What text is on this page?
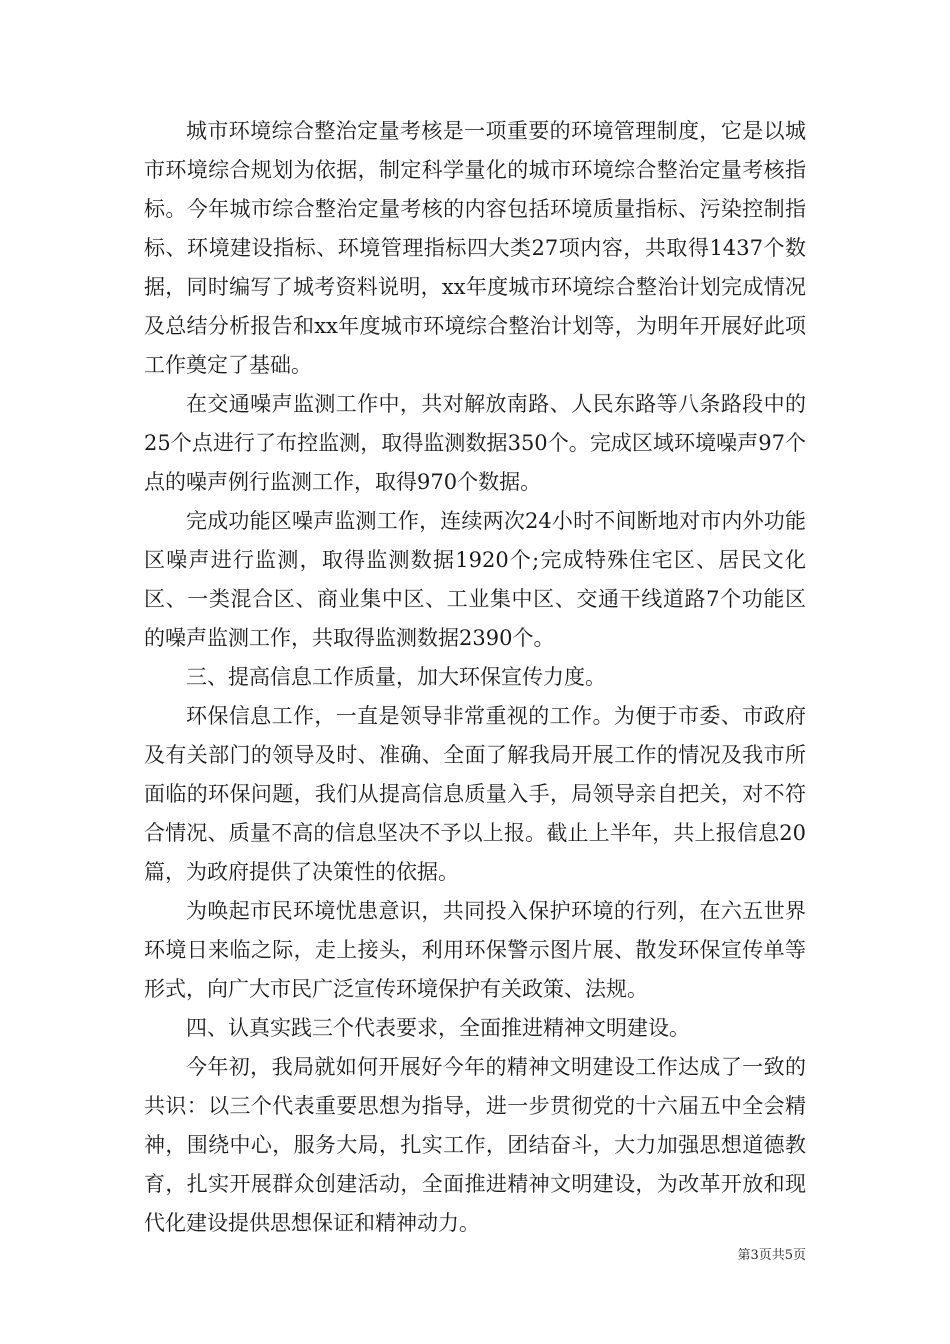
城市环境综合整治定量考核是一项重要的环境管理制度，它是以城市环境综合规划为依据，制定科学量化的城市环境综合整治定量考核指标。今年城市综合整治定量考核的内容包括环境质量指标、污染控制指标、环境建设指标、环境管理指标四大类27项内容，共取得1437个数据，同时编写了城考资料说明，xx年度城市环境综合整治计划完成情况及总结分析报告和xx年度城市环境综合整治计划等，为明年开展好此项工作奠定了基础。

在交通噪声监测工作中，共对解放南路、人民东路等八条路段中的25个点进行了布控监测，取得监测数据350个。完成区域环境噪声97个点的噪声例行监测工作，取得970个数据。

完成功能区噪声监测工作，连续两次24小时不间断地对市内外功能区噪声进行监测，取得监测数据1920个;完成特殊住宅区、居民文化区、一类混合区、商业集中区、工业集中区、交通干线道路7个功能区的噪声监测工作，共取得监测数据2390个。

三、提高信息工作质量，加大环保宣传力度。

环保信息工作，一直是领导非常重视的工作。为便于市委、市政府及有关部门的领导及时、准确、全面了解我局开展工作的情况及我市所面临的环保问题，我们从提高信息质量入手，局领导亲自把关，对不符合情况、质量不高的信息坚决不予以上报。截止上半年，共上报信息20篇，为政府提供了决策性的依据。

为唤起市民环境忧患意识，共同投入保护环境的行列，在六五世界环境日来临之际，走上接头，利用环保警示图片展、散发环保宣传单等形式，向广大市民广泛宣传环境保护有关政策、法规。

四、认真实践三个代表要求，全面推进精神文明建设。

今年初，我局就如何开展好今年的精神文明建设工作达成了一致的共识：以三个代表重要思想为指导，进一步贯彻党的十六届五中全会精神，围绕中心，服务大局，扎实工作，团结奋斗，大力加强思想道德教育，扎实开展群众创建活动，全面推进精神文明建设，为改革开放和现代化建设提供思想保证和精神动力。

第3页共5页
